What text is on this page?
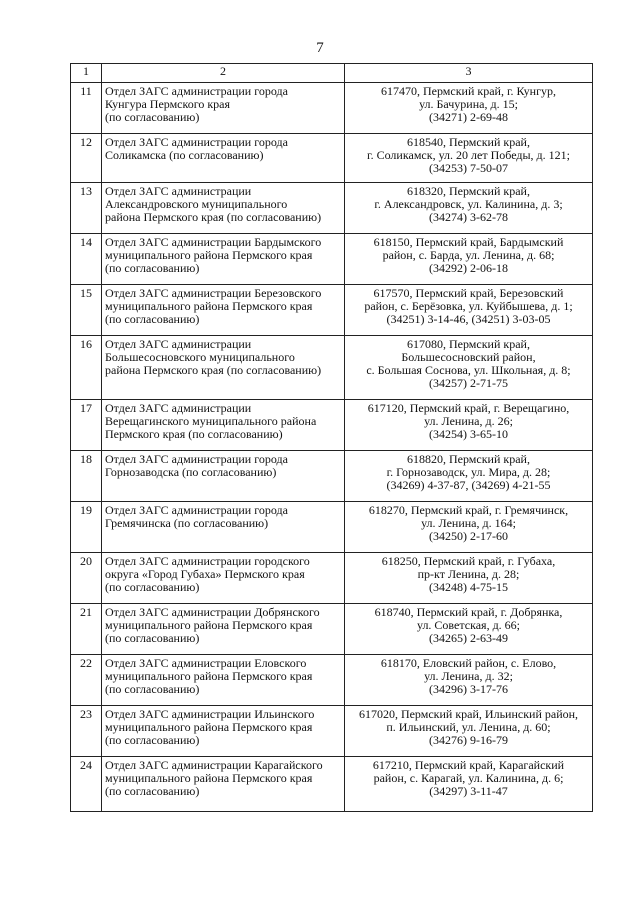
7
1	2	3
11	Отдел ЗАГС администрации города
Кунгура Пермского края
(по согласованию)	617470, Пермский край, г. Кунгур,
ул. Бачурина, д. 15;
(34271) 2-69-48

12	Отдел ЗАГС администрации города
Соликамска (по согласованию)	618540, Пермский край,
г. Соликамск, ул. 20 лет Победы, д. 121;
(34253) 7-50-07

13	Отдел ЗАГС администрации
Александровского муниципального
района Пермского края (по согласованию)	618320, Пермский край,
г. Александровск, ул. Калинина, д. 3;
(34274) 3-62-78

14	Отдел ЗАГС администрации Бардымского
муниципального района Пермского края
(по согласованию)	618150, Пермский край, Бардымский
район, с. Барда, ул. Ленина, д. 68;
(34292) 2-06-18

15	Отдел ЗАГС администрации Березовского
муниципального района Пермского края
(по согласованию)	617570, Пермский край, Березовский
район, с. Берёзовка, ул. Куйбышева, д. 1;
(34251) 3-14-46, (34251) 3-03-05

16	Отдел ЗАГС администрации
Большесосновского муниципального
района Пермского края (по согласованию)	617080, Пермский край,
Большесосновский район,
с. Большая Соснова, ул. Школьная, д. 8;
(34257) 2-71-75

17	Отдел ЗАГС администрации
Верещагинского муниципального района
Пермского края (по согласованию)	617120, Пермский край, г. Верещагино,
ул. Ленина, д. 26;
(34254) 3-65-10

18	Отдел ЗАГС администрации города
Горнозаводска (по согласованию)	618820, Пермский край,
г. Горнозаводск, ул. Мира, д. 28;
(34269) 4-37-87, (34269) 4-21-55

19	Отдел ЗАГС администрации города
Гремячинска (по согласованию)	618270, Пермский край, г. Гремячинск,
ул. Ленина, д. 164;
(34250) 2-17-60

20	Отдел ЗАГС администрации городского
округа «Город Губаха» Пермского края
(по согласованию)	618250, Пермский край, г. Губаха,
пр-кт Ленина, д. 28;
(34248) 4-75-15

21	Отдел ЗАГС администрации Добрянского
муниципального района Пермского края
(по согласованию)	618740, Пермский край, г. Добрянка,
ул. Советская, д. 66;
(34265) 2-63-49

22	Отдел ЗАГС администрации Еловского
муниципального района Пермского края
(по согласованию)	618170, Еловский район, с. Елово,
ул. Ленина, д. 32;
(34296) 3-17-76

23	Отдел ЗАГС администрации Ильинского
муниципального района Пермского края
(по согласованию)	617020, Пермский край, Ильинский район,
п. Ильинский, ул. Ленина, д. 60;
(34276) 9-16-79

24	Отдел ЗАГС администрации Карагайского
муниципального района Пермского края
(по согласованию)	617210, Пермский край, Карагайский
район, с. Карагай, ул. Калинина, д. 6;
(34297) 3-11-47
